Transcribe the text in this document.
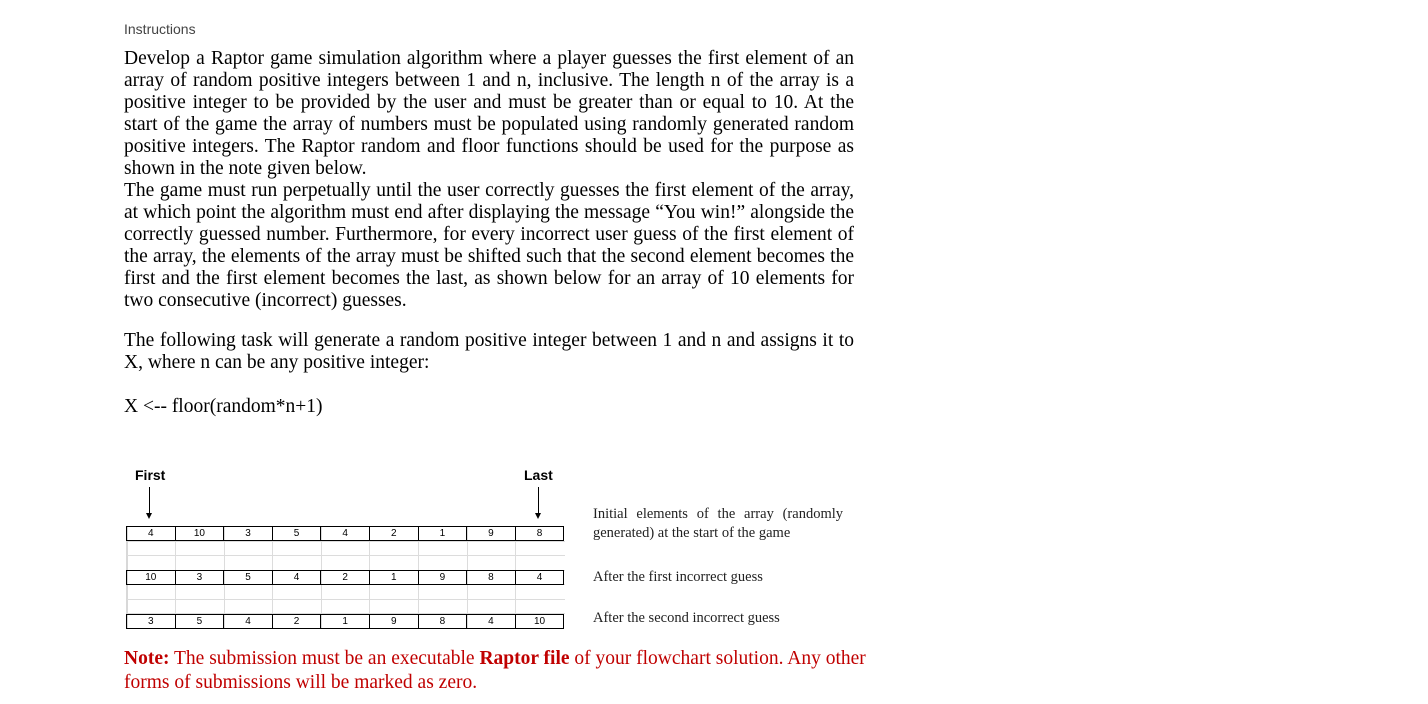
Instructions

Develop a Raptor game simulation algorithm where a player guesses the first element of an array of random positive integers between 1 and n, inclusive. The length n of the array is a positive integer to be provided by the user and must be greater than or equal to 10. At the start of the game the array of numbers must be populated using randomly generated random positive integers. The Raptor random and floor functions should be used for the purpose as shown in the note given below.

The game must run perpetually until the user correctly guesses the first element of the array, at which point the algorithm must end after displaying the message “You win!” alongside the correctly guessed number. Furthermore, for every incorrect user guess of the first element of the array, the elements of the array must be shifted such that the second element becomes the first and the first element becomes the last, as shown below for an array of 10 elements for two consecutive (incorrect) guesses.

The following task will generate a random positive integer between 1 and n and assigns it to X, where n can be any positive integer:

X <-- floor(random*n+1)
First	Last
4	10	3	5	4	2	1	9	8
10	3	5	4	2	1	9	8	4
3	5	4	2	1	9	8	4	10
Initial elements of the array (randomly generated) at the start of the game
After the first incorrect guess
After the second incorrect guess
Note: The submission must be an executable Raptor file of your flowchart solution. Any other forms of submissions will be marked as zero.
